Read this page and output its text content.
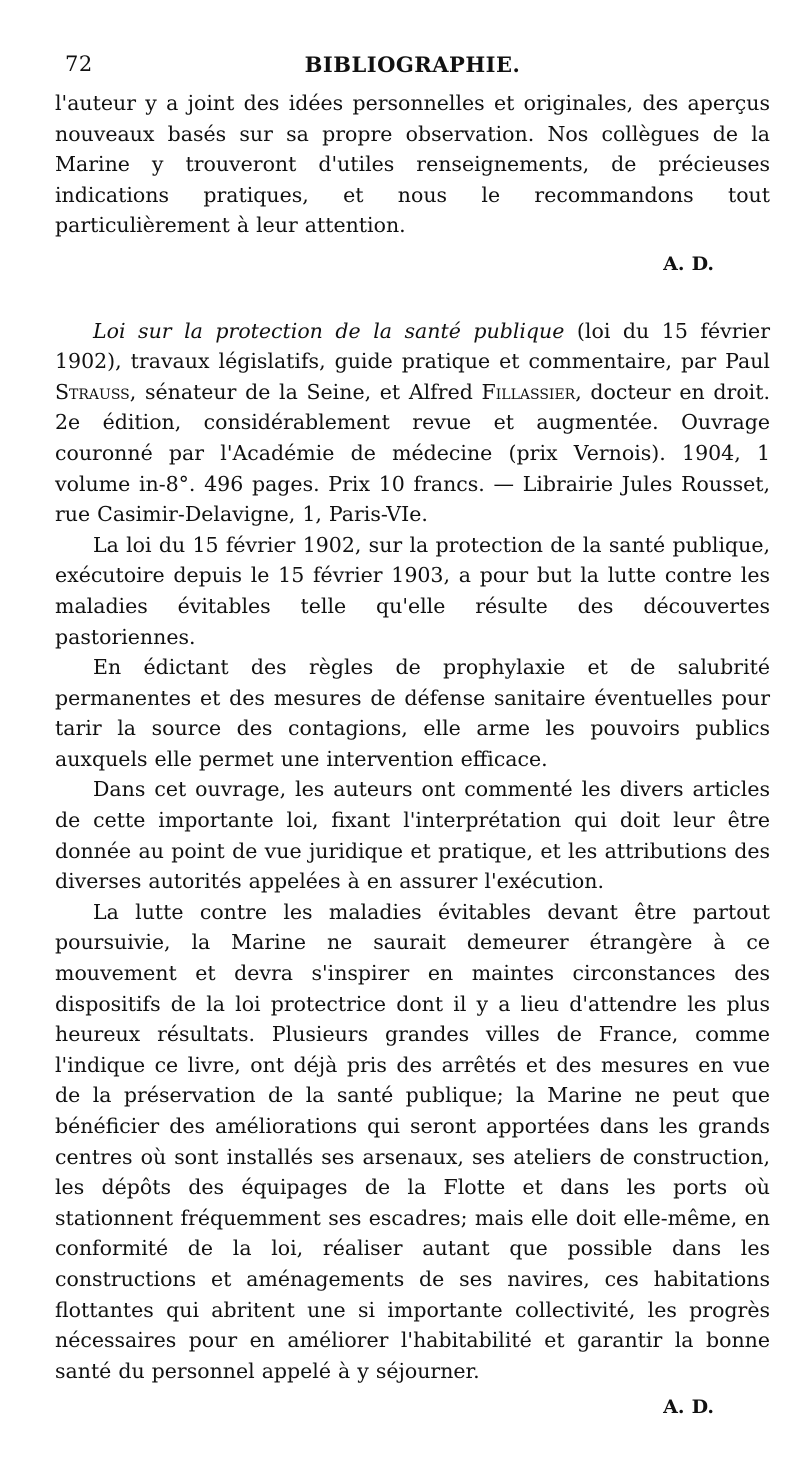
72	BIBLIOGRAPHIE.

l'auteur y a joint des idées personnelles et originales, des aperçus nouveaux basés sur sa propre observation. Nos collègues de la Marine y trouveront d'utiles renseignements, de précieuses indications pratiques, et nous le recommandons tout particulièrement à leur attention.

A. D.

Loi sur la protection de la santé publique (loi du 15 février 1902), travaux législatifs, guide pratique et commentaire, par Paul Strauss, sénateur de la Seine, et Alfred Fillassier, docteur en droit. 2e édition, considérablement revue et augmentée. Ouvrage couronné par l'Académie de médecine (prix Vernois). 1904, 1 volume in-8°. 496 pages. Prix 10 francs. — Librairie Jules Rousset, rue Casimir-Delavigne, 1, Paris-VIe.

La loi du 15 février 1902, sur la protection de la santé publique, exécutoire depuis le 15 février 1903, a pour but la lutte contre les maladies évitables telle qu'elle résulte des découvertes pastoriennes.

En édictant des règles de prophylaxie et de salubrité permanentes et des mesures de défense sanitaire éventuelles pour tarir la source des contagions, elle arme les pouvoirs publics auxquels elle permet une intervention efficace.

Dans cet ouvrage, les auteurs ont commenté les divers articles de cette importante loi, fixant l'interprétation qui doit leur être donnée au point de vue juridique et pratique, et les attributions des diverses autorités appelées à en assurer l'exécution.

La lutte contre les maladies évitables devant être partout poursuivie, la Marine ne saurait demeurer étrangère à ce mouvement et devra s'inspirer en maintes circonstances des dispositifs de la loi protectrice dont il y a lieu d'attendre les plus heureux résultats. Plusieurs grandes villes de France, comme l'indique ce livre, ont déjà pris des arrêtés et des mesures en vue de la préservation de la santé publique; la Marine ne peut que bénéficier des améliorations qui seront apportées dans les grands centres où sont installés ses arsenaux, ses ateliers de construction, les dépôts des équipages de la Flotte et dans les ports où stationnent fréquemment ses escadres; mais elle doit elle-même, en conformité de la loi, réaliser autant que possible dans les constructions et aménagements de ses navires, ces habitations flottantes qui abritent une si importante collectivité, les progrès nécessaires pour en améliorer l'habitabilité et garantir la bonne santé du personnel appelé à y séjourner.

A. D.
